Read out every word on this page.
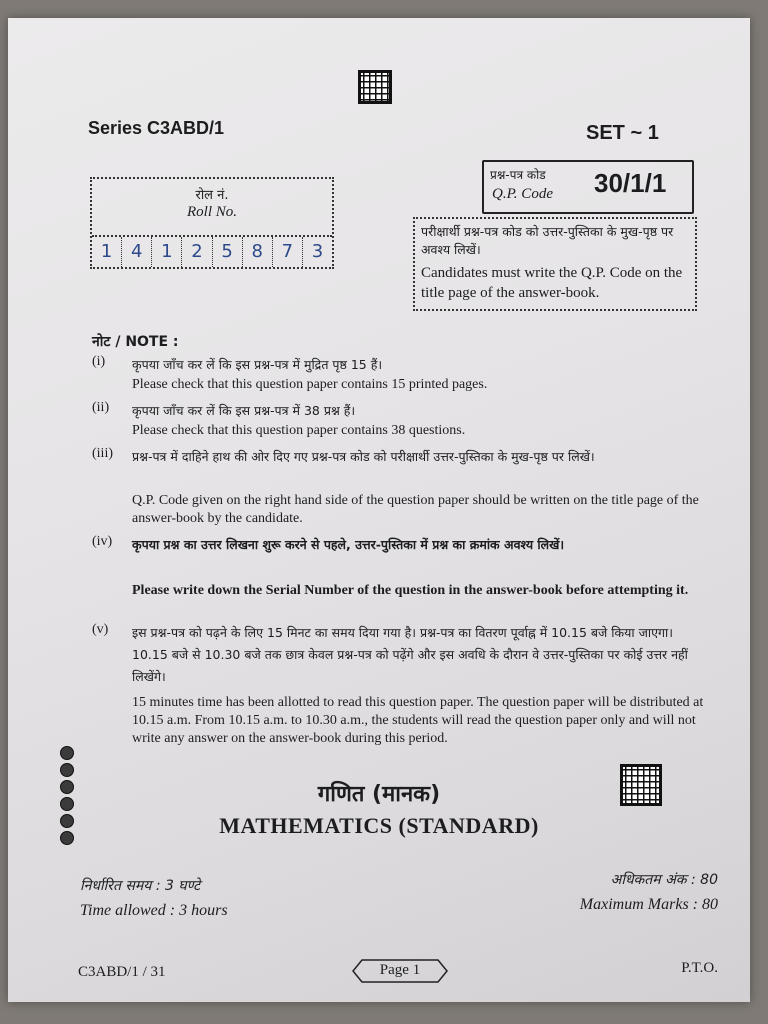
Series C3ABD/1	SET ~ 1
रोल नं.
Roll No.
1	4	1	2	5	8	7	3
प्रश्न-पत्र कोड
Q.P. Code 30/1/1
परीक्षार्थी प्रश्न-पत्र कोड को उत्तर-पुस्तिका के मुख-पृष्ठ पर अवश्य लिखें।
Candidates must write the Q.P. Code on the title page of the answer-book.
नोट / NOTE :
(i) कृपया जाँच कर लें कि इस प्रश्न-पत्र में मुद्रित पृष्ठ 15 हैं।
Please check that this question paper contains 15 printed pages.
(ii) कृपया जाँच कर लें कि इस प्रश्न-पत्र में 38 प्रश्न हैं।
Please check that this question paper contains 38 questions.
(iii) प्रश्न-पत्र में दाहिने हाथ की ओर दिए गए प्रश्न-पत्र कोड को परीक्षार्थी उत्तर-पुस्तिका के मुख-पृष्ठ पर लिखें।
Q.P. Code given on the right hand side of the question paper should be written on the title page of the answer-book by the candidate.
(iv) कृपया प्रश्न का उत्तर लिखना शुरू करने से पहले, उत्तर-पुस्तिका में प्रश्न का क्रमांक अवश्य लिखें।
Please write down the Serial Number of the question in the answer-book before attempting it.
(v) इस प्रश्न-पत्र को पढ़ने के लिए 15 मिनट का समय दिया गया है। प्रश्न-पत्र का वितरण पूर्वाह्न में 10.15 बजे किया जाएगा। 10.15 बजे से 10.30 बजे तक छात्र केवल प्रश्न-पत्र को पढ़ेंगे और इस अवधि के दौरान वे उत्तर-पुस्तिका पर कोई उत्तर नहीं लिखेंगे।
15 minutes time has been allotted to read this question paper. The question paper will be distributed at 10.15 a.m. From 10.15 a.m. to 10.30 a.m., the students will read the question paper only and will not write any answer on the answer-book during this period.
गणित (मानक)
MATHEMATICS (STANDARD)
निर्धारित समय : 3 घण्टे
Time allowed : 3 hours
अधिकतम अंक : 80
Maximum Marks : 80
C3ABD/1 / 31	Page 1	P.T.O.
